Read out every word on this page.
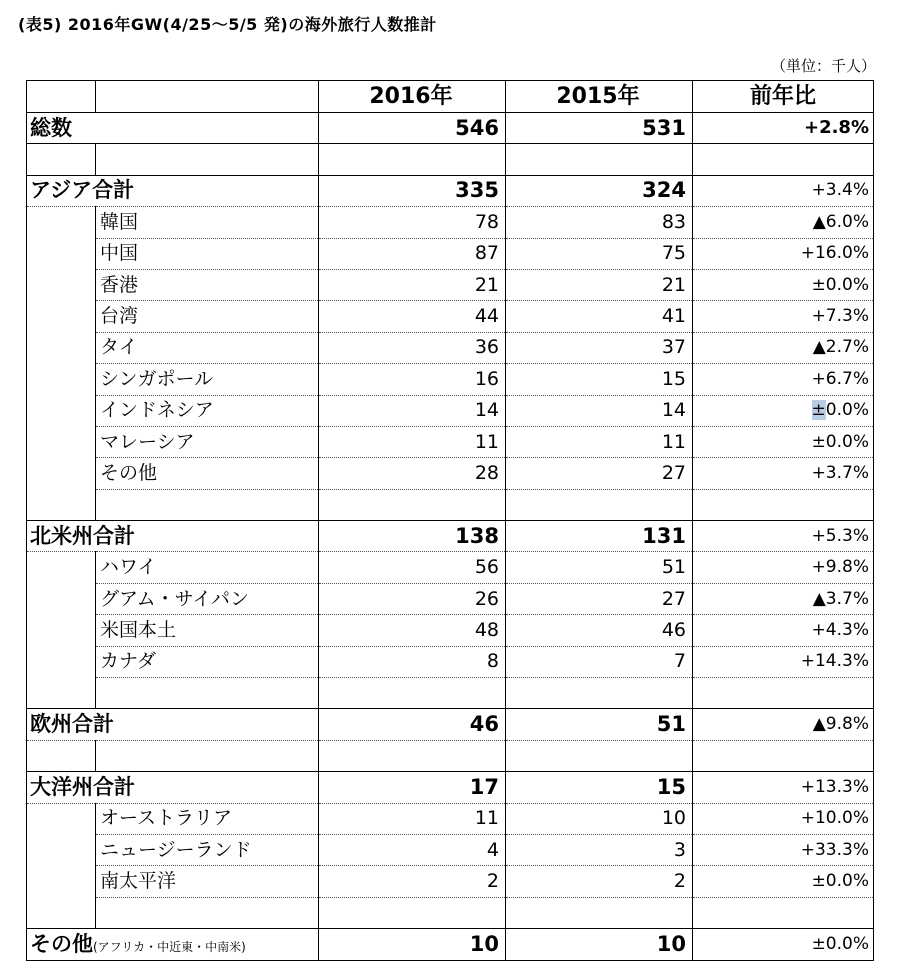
(表5) 2016年GW(4/25～5/5 発)の海外旅行人数推計
（単位：千人）
		2016年	2015年	前年比
総数		546	531	+2.8%

アジア合計		335	324	+3.4%
	韓国	78	83	▲6.0%
	中国	87	75	+16.0%
	香港	21	21	±0.0%
	台湾	44	41	+7.3%
	タイ	36	37	▲2.7%
	シンガポール	16	15	+6.7%
	インドネシア	14	14	±0.0%
	マレーシア	11	11	±0.0%
	その他	28	27	+3.7%

北米州合計		138	131	+5.3%
	ハワイ	56	51	+9.8%
	グアム・サイパン	26	27	▲3.7%
	米国本土	48	46	+4.3%
	カナダ	8	7	+14.3%

欧州合計		46	51	▲9.8%

大洋州合計		17	15	+13.3%
	オーストラリア	11	10	+10.0%
	ニュージーランド	4	3	+33.3%
	南太平洋	2	2	±0.0%

その他(アフリカ・中近東・中南米)		10	10	±0.0%
